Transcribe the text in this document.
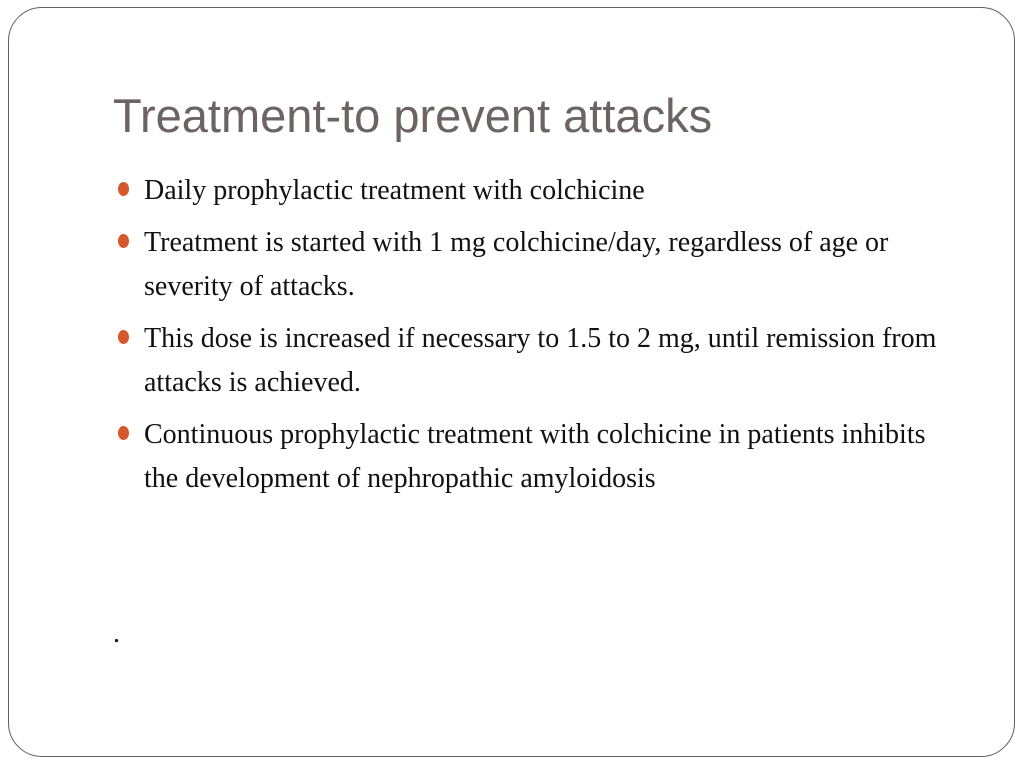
Treatment-to prevent attacks
Daily prophylactic treatment with colchicine
Treatment is started with 1 mg colchicine/day, regardless of age or severity of attacks.
This dose is increased if necessary to 1.5 to 2 mg, until remission from attacks is achieved.
Continuous prophylactic treatment with colchicine in patients inhibits the development of nephropathic amyloidosis

.
